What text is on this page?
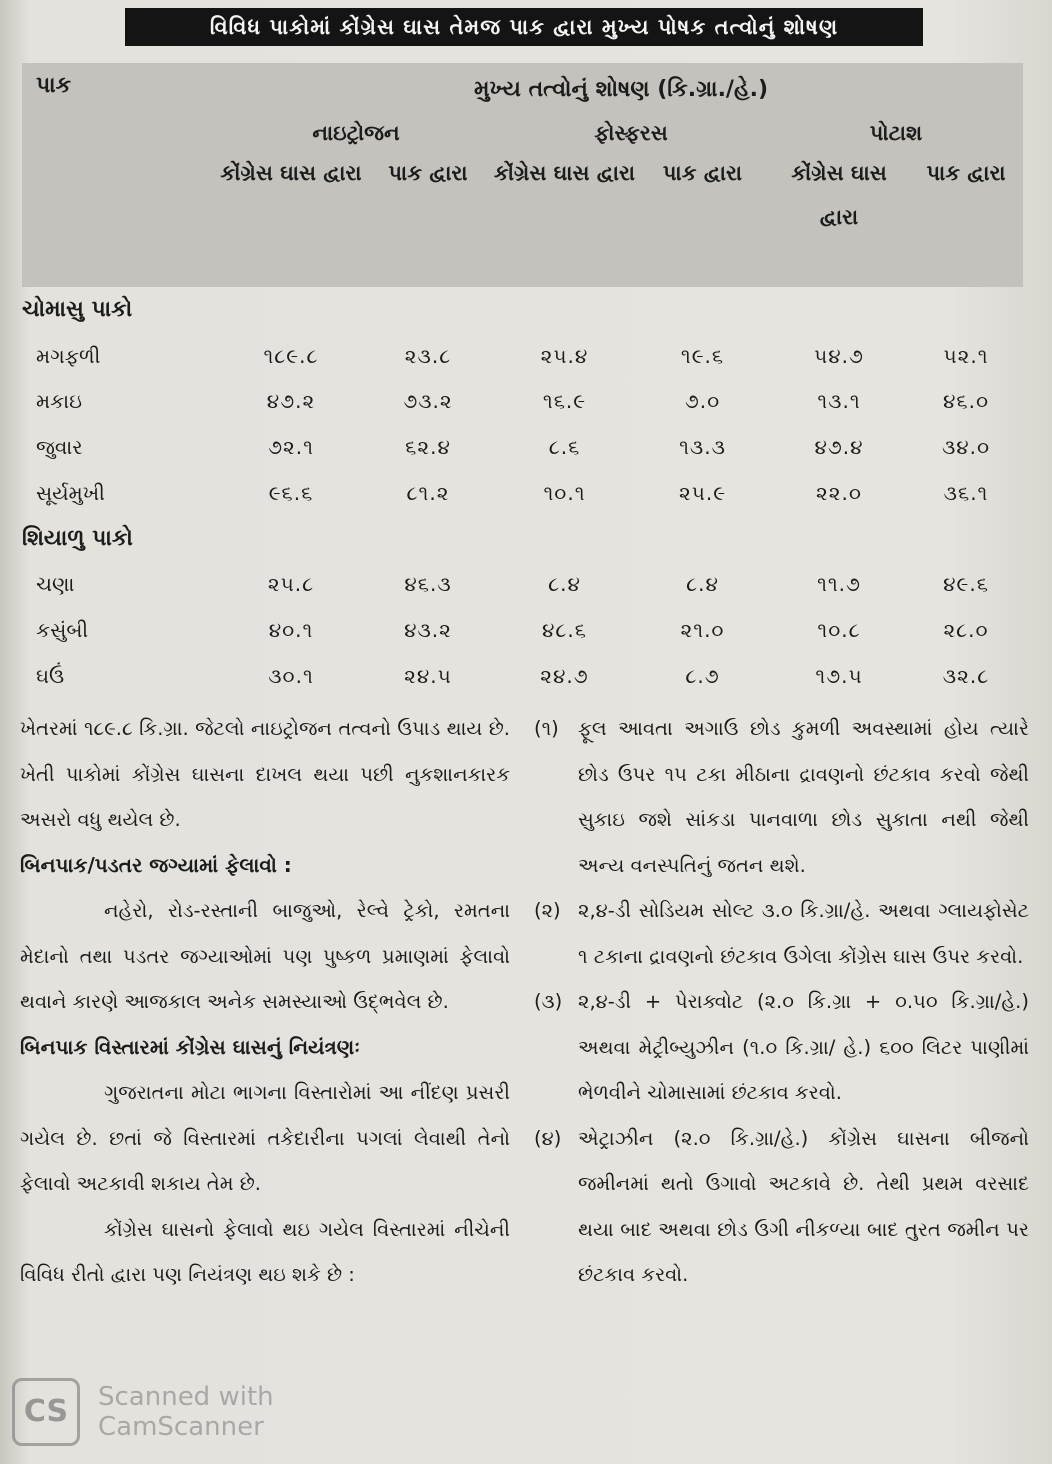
વિવિધ પાકોમાં કોંગ્રેસ ઘાસ તેમજ પાક દ્વારા મુખ્ય પોષક તત્વોનું શોષણ
પાક	મુખ્ય તત્વોનું શોષણ (કિ.ગ્રા./હે.)					
	નાઇટ્રોજન		ફોસ્ફરસ		પોટાશ	
	કોંગ્રેસ ઘાસ દ્વારા	પાક દ્વારા	કોંગ્રેસ ઘાસ દ્વારા	પાક દ્વારા	કોંગ્રેસ ઘાસ દ્વારા	પાક દ્વારા
ચોમાસુ પાકો						
મગફળી	૧૮૯.૮	૨૩.૮	૨૫.૪	૧૯.૬	૫૪.૭	૫૨.૧
મકાઇ	૪૭.૨	૭૩.૨	૧૬.૯	૭.૦	૧૩.૧	૪૬.૦
જુવાર	૭૨.૧	૬૨.૪	૮.૬	૧૩.૩	૪૭.૪	૩૪.૦
સૂર્યમુખી	૯૬.૬	૮૧.૨	૧૦.૧	૨૫.૯	૨૨.૦	૩૬.૧
શિયાળુ પાકો						
ચણા	૨૫.૮	૪૬.૩	૮.૪	૮.૪	૧૧.૭	૪૯.૬
કસુંબી	૪૦.૧	૪૩.૨	૪૮.૬	૨૧.૦	૧૦.૮	૨૮.૦
ઘઉં	૩૦.૧	૨૪.૫	૨૪.૭	૮.૭	૧૭.૫	૩૨.૮

ખેતરમાં ૧૮૯.૮ કિ.ગ્રા. જેટલો નાઇટ્રોજન તત્વનો ઉપાડ થાય છે. ખેતી પાકોમાં કોંગ્રેસ ઘાસના દાખલ થયા પછી નુકશાનકારક અસરો વધુ થયેલ છે.

બિનપાક/પડતર જગ્યામાં ફેલાવો :

નહેરો, રોડ-રસ્તાની બાજુઓ, રેલ્વે ટ્રેકો, રમતના મેદાનો તથા પડતર જગ્યાઓમાં પણ પુષ્કળ પ્રમાણમાં ફેલાવો થવાને કારણે આજકાલ અનેક સમસ્યાઓ ઉદ્ભવેલ છે.

બિનપાક વિસ્તારમાં કોંગ્રેસ ઘાસનું નિયંત્રણઃ

ગુજરાતના મોટા ભાગના વિસ્તારોમાં આ નીંદણ પ્રસરી ગયેલ છે. છતાં જે વિસ્તારમાં તકેદારીના પગલાં લેવાથી તેનો ફેલાવો અટકાવી શકાય તેમ છે.

કોંગ્રેસ ઘાસનો ફેલાવો થઇ ગયેલ વિસ્તારમાં નીચેની વિવિધ રીતો દ્વારા પણ નિયંત્રણ થઇ શકે છે :

(૧) ફૂલ આવતા અગાઉ છોડ કુમળી અવસ્થામાં હોય ત્યારે છોડ ઉપર ૧૫ ટકા મીઠાના દ્રાવણનો છંટકાવ કરવો જેથી સુકાઇ જશે સાંકડા પાનવાળા છોડ સુકાતા નથી જેથી અન્ય વનસ્પતિનું જતન થશે.
(૨) ૨,૪-ડી સોડિયમ સોલ્ટ ૩.૦ કિ.ગ્રા/હે. અથવા ગ્લાયફોસેટ ૧ ટકાના દ્રાવણનો છંટકાવ ઉગેલા કોંગ્રેસ ઘાસ ઉપર કરવો.
(૩) ૨,૪-ડી + પેરાક્વોટ (૨.૦ કિ.ગ્રા + ૦.૫૦ કિ.ગ્રા/હે.) અથવા મેટ્રીબ્યુઝીન (૧.૦ કિ.ગ્રા/ હે.) ૬૦૦ લિટર પાણીમાં ભેળવીને ચોમાસામાં છંટકાવ કરવો.
(૪) એટ્રાઝીન (૨.૦ કિ.ગ્રા/હે.) કોંગ્રેસ ઘાસના બીજનો જમીનમાં થતો ઉગાવો અટકાવે છે. તેથી પ્રથમ વરસાદ થયા બાદ અથવા છોડ ઉગી નીકળ્યા બાદ તુરત જમીન પર છંટકાવ કરવો.
CS	Scanned with
CamScanner
